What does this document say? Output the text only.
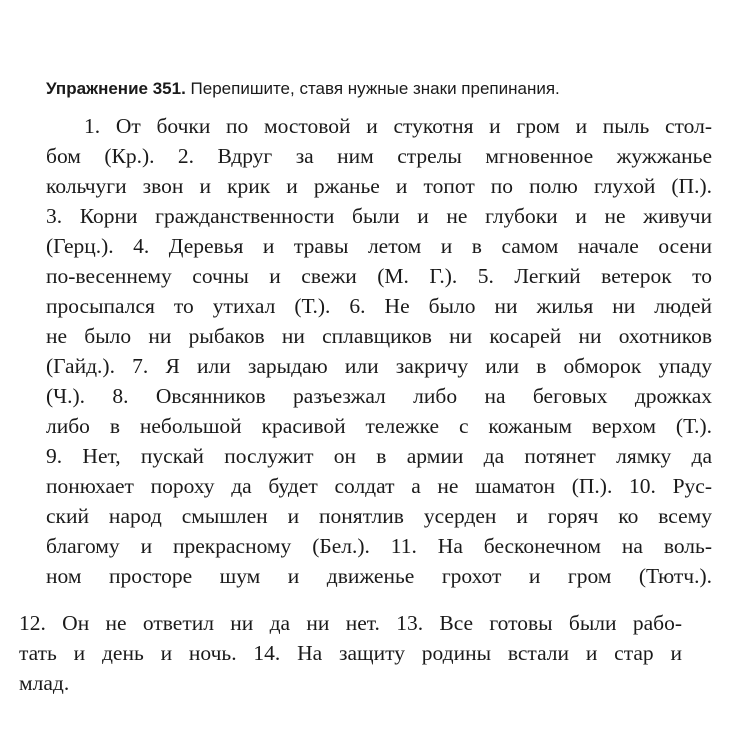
Упражнение 351. Перепишите, ставя нужные знаки препинания.
1. От бочки по мостовой и стукотня и гром и пыль стол-
бом (Кр.). 2. Вдруг за ним стрелы мгновенное жужжанье
кольчуги звон и крик и ржанье и топот по полю глухой (П.).
3. Корни гражданственности были и не глубоки и не живучи
(Герц.). 4. Деревья и травы летом и в самом начале осени
по-весеннему сочны и свежи (М. Г.). 5. Легкий ветерок то
просыпался то утихал (Т.). 6. Не было ни жилья ни людей
не было ни рыбаков ни сплавщиков ни косарей ни охотников
(Гайд.). 7. Я или зарыдаю или закричу или в обморок упаду
(Ч.). 8. Овсянников разъезжал либо на беговых дрожках
либо в небольшой красивой тележке с кожаным верхом (Т.).
9. Нет, пускай послужит он в армии да потянет лямку да
понюхает пороху да будет солдат а не шаматон (П.). 10. Рус-
ский народ смышлен и понятлив усерден и горяч ко всему
благому и прекрасному (Бел.). 11. На бесконечном на воль-
ном просторе шум и движенье грохот и гром (Тютч.).
12. Он не ответил ни да ни нет. 13. Все готовы были рабо-
тать и день и ночь. 14. На защиту родины встали и стар и
млад.
